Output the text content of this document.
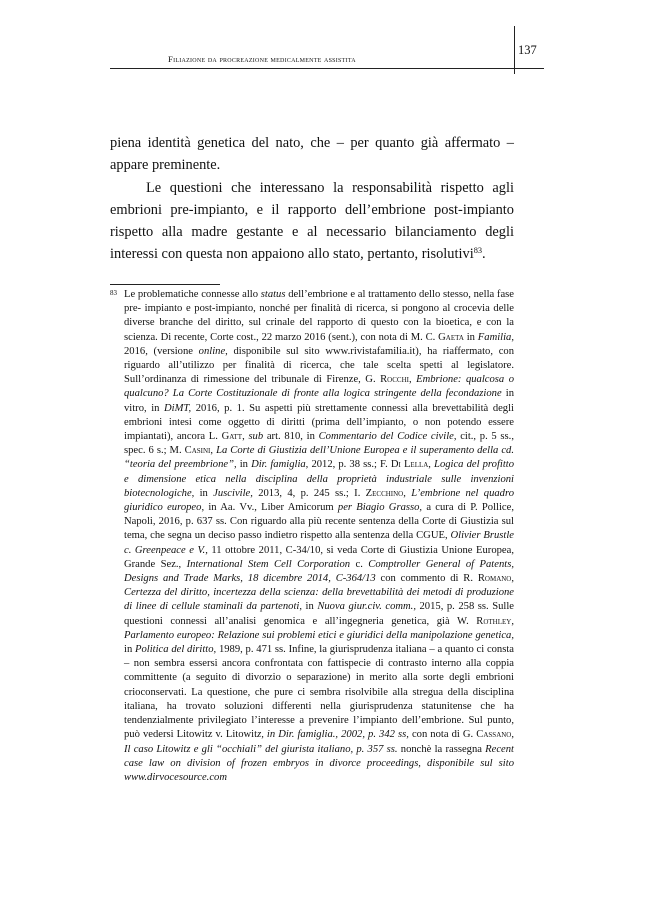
Filiazione da procreazione medicalmente assistita
137

piena identità genetica del nato, che – per quanto già affermato – appare preminente.

Le questioni che interessano la responsabilità rispetto agli embrioni pre-impianto, e il rapporto dell’embrione post-impianto rispetto alla madre gestante e al necessario bilanciamento degli interessi con questa non appaiono allo stato, pertanto, risolutivi$^{83}$.

83 Le problematiche connesse allo status dell’embrione e al trattamento dello stesso, nella fase pre- impianto e post-impianto, nonché per finalità di ricerca, si pongono al crocevia delle diverse branche del diritto, sul crinale del rapporto di questo con la bioetica, e con la scienza. Di recente, Corte cost., 22 marzo 2016 (sent.), con nota di M. C. Gaeta in Familia, 2016, (versione online, disponibile sul sito www.rivistafamilia.it), ha riaffermato, con riguardo all’utilizzo per finalità di ricerca, che tale scelta spetti al legislatore. Sull’ordinanza di rimessione del tribunale di Firenze, G. Rocchi, Embrione: qualcosa o qualcuno? La Corte Costituzionale di fronte alla logica stringente della fecondazione in vitro, in DiMT, 2016, p. 1. Su aspetti più strettamente connessi alla brevettabilità degli embrioni intesi come oggetto di diritti (prima dell’impianto, o non potendo essere impiantati), ancora L. Gatt, sub art. 810, in Commentario del Codice civile, cit., p. 5 ss., spec. 6 s.; M. Casini, La Corte di Giustizia dell’Unione Europea e il superamento della cd. “teoria del preembrione”, in Dir. famiglia, 2012, p. 38 ss.; F. Di Lella, Logica del profitto e dimensione etica nella disciplina della proprietà industriale sulle invenzioni biotecnologiche, in Juscivile, 2013, 4, p. 245 ss.; I. Zecchino, L’embrione nel quadro giuridico europeo, in Aa. Vv., Liber Amicorum per Biagio Grasso, a cura di P. Pollice, Napoli, 2016, p. 637 ss. Con riguardo alla più recente sentenza della Corte di Giustizia sul tema, che segna un deciso passo indietro rispetto alla sentenza della CGUE, Olivier Brustle c. Greenpeace e V., 11 ottobre 2011, C-34/10, si veda Corte di Giustizia Unione Europea, Grande Sez., International Stem Cell Corporation c. Comptroller General of Patents, Designs and Trade Marks, 18 dicembre 2014, C-364/13 con commento di R. Romano, Certezza del diritto, incertezza della scienza: della brevettabilità dei metodi di produzione di linee di cellule staminali da partenoti, in Nuova giur.civ. comm., 2015, p. 258 ss. Sulle questioni connessi all’analisi genomica e all’ingegneria genetica, già W. Rothley, Parlamento europeo: Relazione sui problemi etici e giuridici della manipolazione genetica, in Politica del diritto, 1989, p. 471 ss. Infine, la giurisprudenza italiana – a quanto ci consta – non sembra essersi ancora confrontata con fattispecie di contrasto interno alla coppia committente (a seguito di divorzio o separazione) in merito alla sorte degli embrioni crioconservati. La questione, che pure ci sembra risolvibile alla stregua della disciplina italiana, ha trovato soluzioni differenti nella giurisprudenza statunitense che ha tendenzialmente privilegiato l’interesse a prevenire l’impianto dell’embrione. Sul punto, può vedersi Litowitz v. Litowitz, in Dir. famiglia., 2002, p. 342 ss, con nota di G. Cassano, Il caso Litowitz e gli “occhiali” del giurista italiano, p. 357 ss. nonchè la rassegna Recent case law on division of frozen embryos in divorce proceedings, disponibile sul sito www.dirvocesource.com
